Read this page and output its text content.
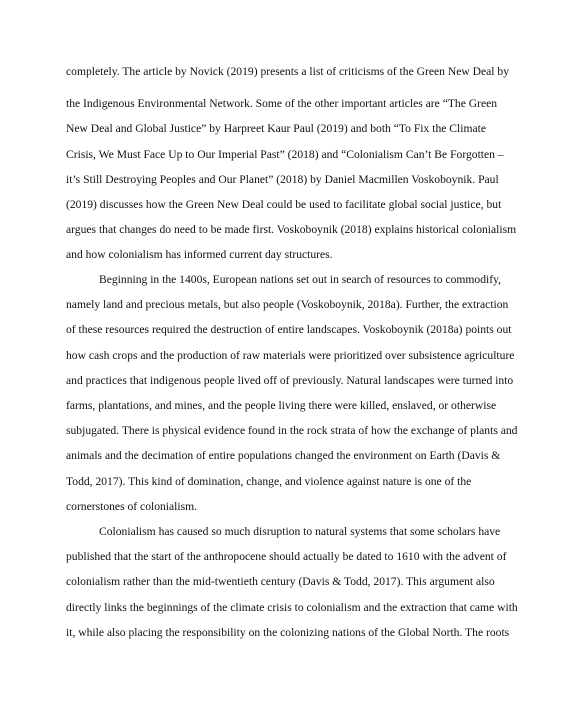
completely. The article by Novick (2019) presents a list of criticisms of the Green New Deal by
the Indigenous Environmental Network. Some of the other important articles are “The Green
New Deal and Global Justice” by Harpreet Kaur Paul (2019) and both “To Fix the Climate
Crisis, We Must Face Up to Our Imperial Past” (2018) and “Colonialism Can’t Be Forgotten –
it’s Still Destroying Peoples and Our Planet” (2018) by Daniel Macmillen Voskoboynik. Paul
(2019) discusses how the Green New Deal could be used to facilitate global social justice, but
argues that changes do need to be made first. Voskoboynik (2018) explains historical colonialism
and how colonialism has informed current day structures.
Beginning in the 1400s, European nations set out in search of resources to commodify,
namely land and precious metals, but also people (Voskoboynik, 2018a). Further, the extraction
of these resources required the destruction of entire landscapes. Voskoboynik (2018a) points out
how cash crops and the production of raw materials were prioritized over subsistence agriculture
and practices that indigenous people lived off of previously. Natural landscapes were turned into
farms, plantations, and mines, and the people living there were killed, enslaved, or otherwise
subjugated. There is physical evidence found in the rock strata of how the exchange of plants and
animals and the decimation of entire populations changed the environment on Earth (Davis &
Todd, 2017). This kind of domination, change, and violence against nature is one of the
cornerstones of colonialism.
Colonialism has caused so much disruption to natural systems that some scholars have
published that the start of the anthropocene should actually be dated to 1610 with the advent of
colonialism rather than the mid-twentieth century (Davis & Todd, 2017). This argument also
directly links the beginnings of the climate crisis to colonialism and the extraction that came with
it, while also placing the responsibility on the colonizing nations of the Global North. The roots
